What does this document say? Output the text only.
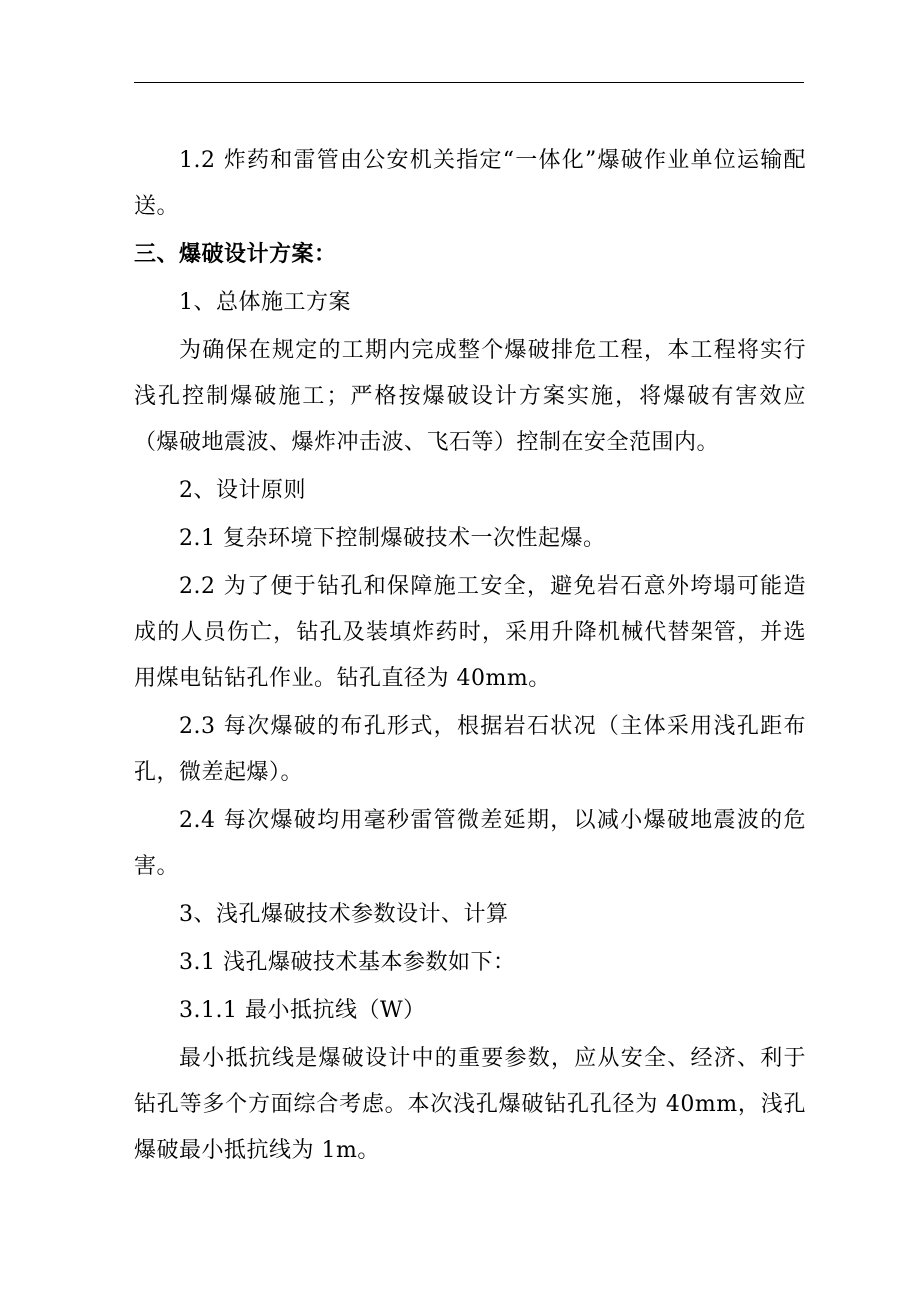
1.2 炸药和雷管由公安机关指定“一体化”爆破作业单位运输配送。

三、爆破设计方案：

1、总体施工方案

为确保在规定的工期内完成整个爆破排危工程，本工程将实行浅孔控制爆破施工；严格按爆破设计方案实施，将爆破有害效应（爆破地震波、爆炸冲击波、飞石等）控制在安全范围内。

2、设计原则

2.1 复杂环境下控制爆破技术一次性起爆。

2.2 为了便于钻孔和保障施工安全，避免岩石意外垮塌可能造成的人员伤亡，钻孔及装填炸药时，采用升降机械代替架管，并选用煤电钻钻孔作业。钻孔直径为 40mm。

2.3 每次爆破的布孔形式，根据岩石状况（主体采用浅孔距布孔，微差起爆）。

2.4 每次爆破均用毫秒雷管微差延期，以减小爆破地震波的危害。

3、浅孔爆破技术参数设计、计算

3.1 浅孔爆破技术基本参数如下：

3.1.1 最小抵抗线（W）

最小抵抗线是爆破设计中的重要参数，应从安全、经济、利于钻孔等多个方面综合考虑。本次浅孔爆破钻孔孔径为 40mm，浅孔爆破最小抵抗线为 1m。
